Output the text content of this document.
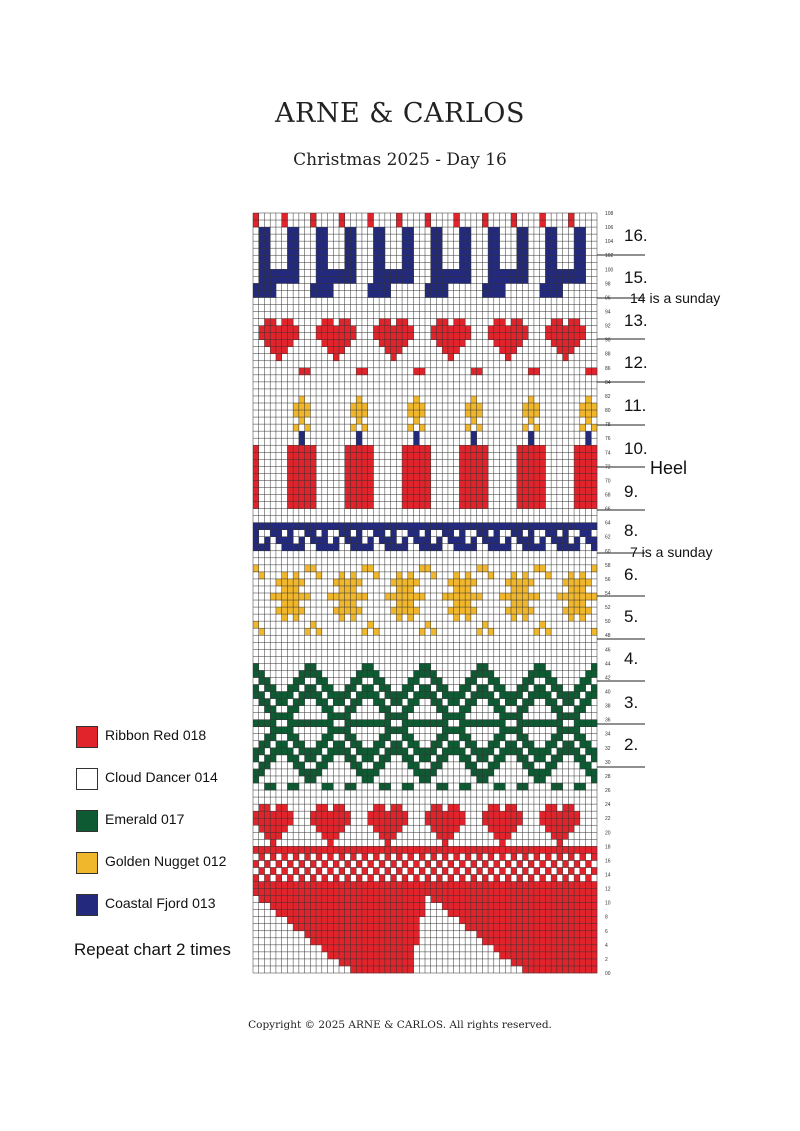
ARNE & CARLOS
Christmas 2025 - Day 16
108
106
104
102
100
98
96
94
92
90
88
86
84
82
80
78
76
74
72
70
68
66
64
62
60
58
56
54
52
50
48
46
44
42
40
38
36
34
32
30
28
26
24
22
20
18
16
14
12
10
8
6
4
2
00
16.
15.
13.
12.
11.
10.
9.
8.
6.
5.
4.
3.
2.
14 is a sunday
Heel
7 is a sunday
Ribbon Red 018
Cloud Dancer 014
Emerald 017
Golden Nugget 012
Coastal Fjord 013
Repeat chart 2 times
Copyright © 2025 ARNE & CARLOS. All rights reserved.
